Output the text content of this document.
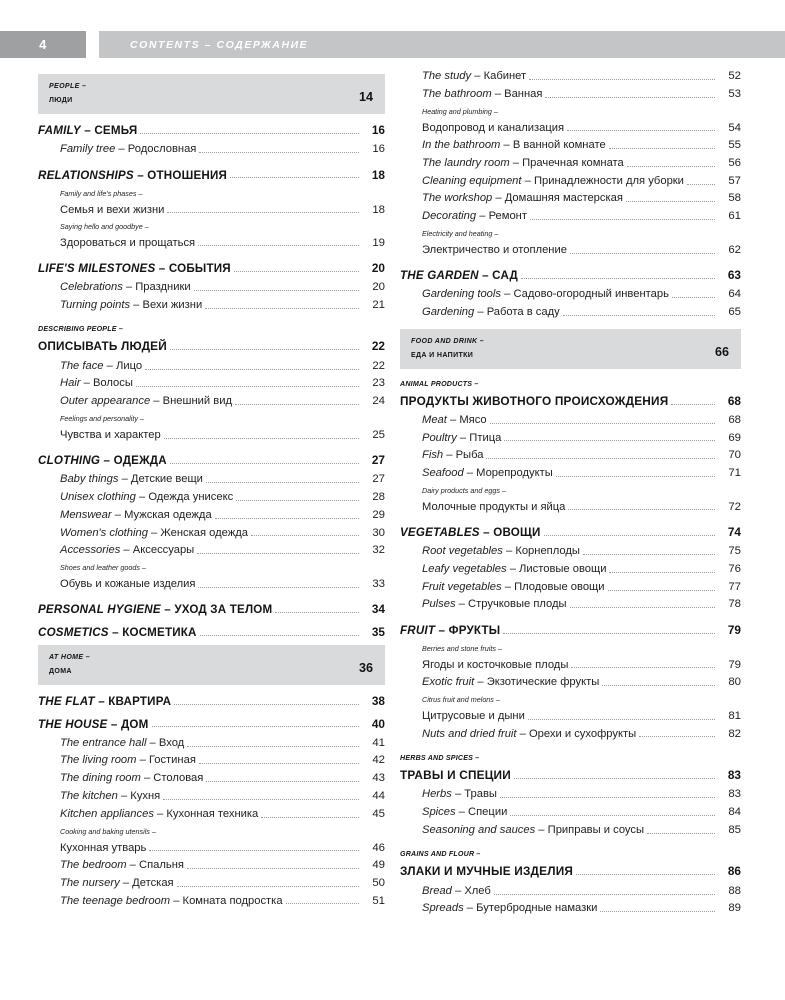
4	CONTENTS – СОДЕРЖАНИЕ
PEOPLE –
ЛЮДИ	14
FAMILY – СЕМЬЯ	16
Family tree – Родословная	16
RELATIONSHIPS – ОТНОШЕНИЯ	18
Family and life's phases –
Семья и вехи жизни	18
Saying hello and goodbye –
Здороваться и прощаться	19
LIFE'S MILESTONES – СОБЫТИЯ	20
Celebrations – Праздники	20
Turning points – Вехи жизни	21
DESCRIBING PEOPLE –
ОПИСЫВАТЬ ЛЮДЕЙ	22
The face – Лицо	22
Hair – Волосы	23
Outer appearance – Внешний вид	24
Feelings and personality –
Чувства и характер	25
CLOTHING – ОДЕЖДА	27
Baby things – Детские вещи	27
Unisex clothing – Одежда унисекс	28
Menswear – Мужская одежда	29
Women's clothing – Женская одежда	30
Accessories – Аксессуары	32
Shoes and leather goods –
Обувь и кожаные изделия	33
PERSONAL HYGIENE – УХОД ЗА ТЕЛОМ	34
COSMETICS – КОСМЕТИКА	35
AT HOME –
ДОМА	36
THE FLAT – КВАРТИРА	38
THE HOUSE – ДОМ	40
The entrance hall – Вход	41
The living room – Гостиная	42
The dining room – Столовая	43
The kitchen – Кухня	44
Kitchen appliances – Кухонная техника	45
Cooking and baking utensils –
Кухонная утварь	46
The bedroom – Спальня	49
The nursery – Детская	50
The teenage bedroom – Комната подростка	51
The study – Кабинет	52
The bathroom – Ванная	53
Heating and plumbing –
Водопровод и канализация	54
In the bathroom – В ванной комнате	55
The laundry room – Прачечная комната	56
Cleaning equipment – Принадлежности для уборки	57
The workshop – Домашняя мастерская	58
Decorating – Ремонт	61
Electricity and heating –
Электричество и отопление	62
THE GARDEN – САД	63
Gardening tools – Садово-огородный инвентарь	64
Gardening – Работа в саду	65
FOOD AND DRINK –
ЕДА И НАПИТКИ	66
ANIMAL PRODUCTS –
ПРОДУКТЫ ЖИВОТНОГО ПРОИСХОЖДЕНИЯ	68
Meat – Мясо	68
Poultry – Птица	69
Fish – Рыба	70
Seafood – Морепродукты	71
Dairy products and eggs –
Молочные продукты и яйца	72
VEGETABLES – ОВОЩИ	74
Root vegetables – Корнеплоды	75
Leafy vegetables – Листовые овощи	76
Fruit vegetables – Плодовые овощи	77
Pulses – Стручковые плоды	78
FRUIT – ФРУКТЫ	79
Berries and stone fruits –
Ягоды и косточковые плоды	79
Exotic fruit – Экзотические фрукты	80
Citrus fruit and melons –
Цитрусовые и дыни	81
Nuts and dried fruit – Орехи и сухофрукты	82
HERBS AND SPICES –
ТРАВЫ И СПЕЦИИ	83
Herbs – Травы	83
Spices – Специи	84
Seasoning and sauces – Приправы и соусы	85
GRAINS AND FLOUR –
ЗЛАКИ И МУЧНЫЕ ИЗДЕЛИЯ	86
Bread – Хлеб	88
Spreads – Бутербродные намазки	89
